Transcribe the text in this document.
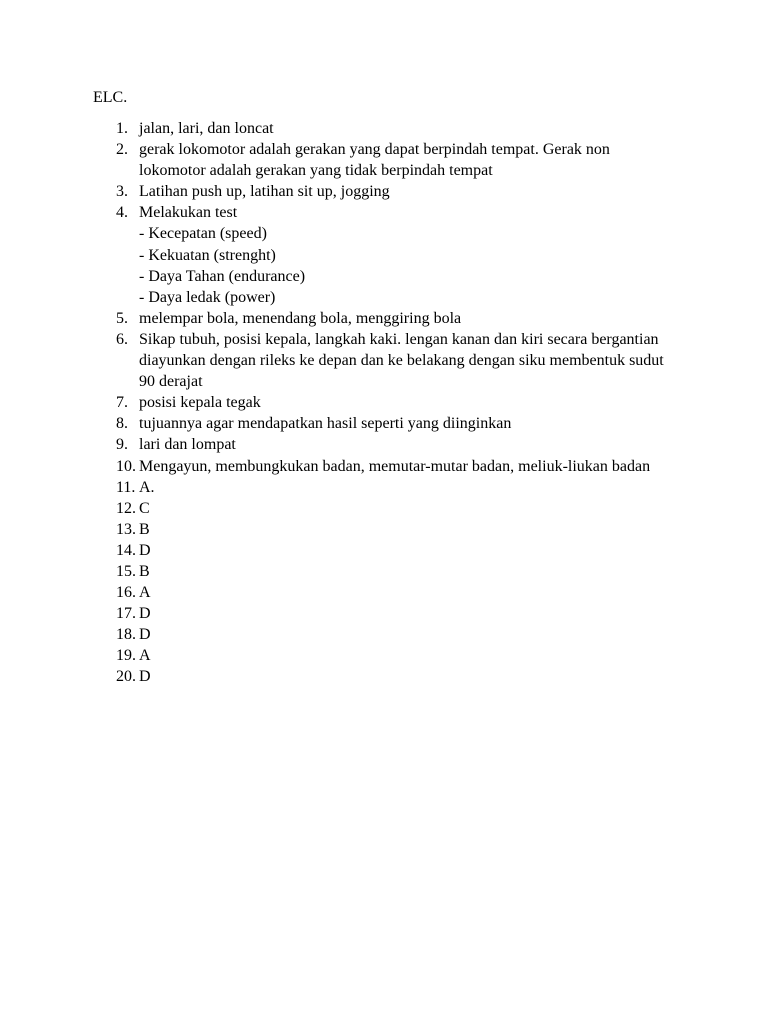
ELC.
1. jalan, lari, dan loncat
2. gerak lokomotor adalah gerakan yang dapat berpindah tempat. Gerak non lokomotor adalah gerakan yang tidak berpindah tempat
3. Latihan push up, latihan sit up, jogging
4. Melakukan test
- Kecepatan (speed)
- Kekuatan (strenght)
- Daya Tahan (endurance)
- Daya ledak (power)
5. melempar bola, menendang bola, menggiring bola
6. Sikap tubuh, posisi kepala, langkah kaki. lengan kanan dan kiri secara bergantian diayunkan dengan rileks ke depan dan ke belakang dengan siku membentuk sudut 90 derajat
7. posisi kepala tegak
8. tujuannya agar mendapatkan hasil seperti yang diinginkan
9. lari dan lompat
10. Mengayun, membungkukan badan, memutar-mutar badan, meliuk-liukan badan
11. A.
12. C
13. B
14. D
15. B
16. A
17. D
18. D
19. A
20. D
